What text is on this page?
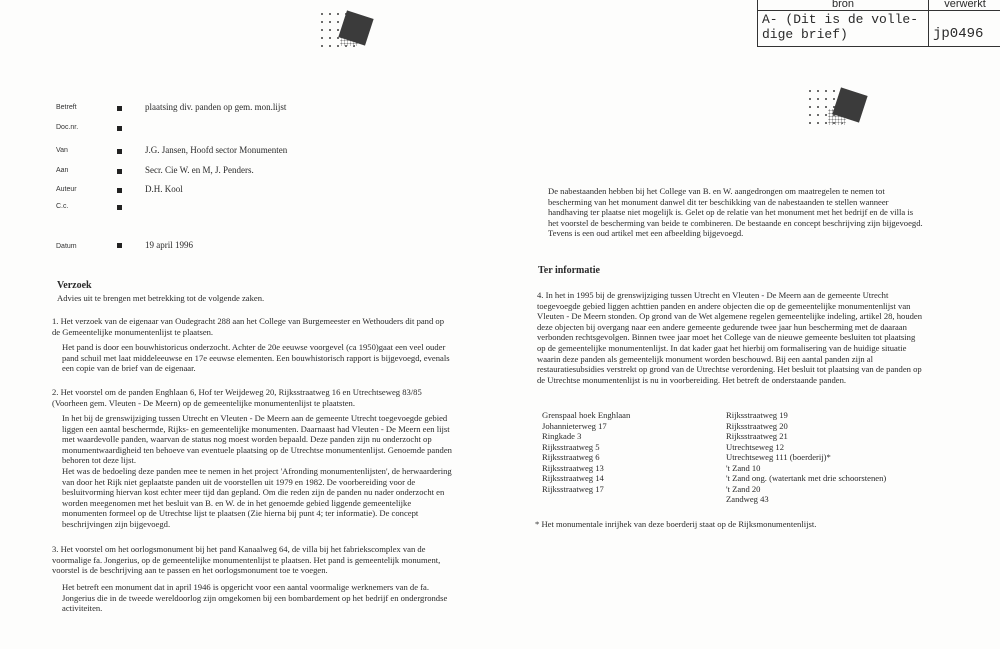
bron	verwerkt
A- (Dit is de volle-
dige brief)	jp0496
Betreft	plaatsing div. panden op gem. mon.lijst
Doc.nr.
Van	J.G. Jansen, Hoofd sector Monumenten
Aan	Secr. Cie W. en M, J. Penders.
Auteur	D.H. Kool
C.c.
Datum	19 april 1996
Verzoek
Advies uit te brengen met betrekking tot de volgende zaken.
1. Het verzoek van de eigenaar van Oudegracht 288 aan het College van Burgemeester en Wethouders dit pand op de Gemeentelijke monumentenlijst te plaatsen.
Het pand is door een bouwhistoricus onderzocht. Achter de 20e eeuwse voorgevel (ca 1950)gaat een veel ouder pand schuil met laat middeleeuwse en 17e eeuwse elementen. Een bouwhistorisch rapport is bijgevoegd, evenals een copie van de brief van de eigenaar.
2. Het voorstel om de panden Enghlaan 6, Hof ter Weijdeweg 20, Rijksstraatweg 16 en Utrechtseweg 83/85 (Voorheen gem. Vleuten - De Meern) op de gemeentelijke monumentenlijst te plaatsten.
In het bij de grenswijziging tussen Utrecht en Vleuten - De Meern aan de gemeente Utrecht toegevoegde gebied liggen een aantal beschermde, Rijks- en gemeentelijke monumenten. Daarnaast had Vleuten - De Meern een lijst met waardevolle panden, waarvan de status nog moest worden bepaald. Deze panden zijn nu onderzocht op monumentwaardigheid ten behoeve van eventuele plaatsing op de Utrechtse monumentenlijst. Genoemde panden behoren tot deze lijst.
Het was de bedoeling deze panden mee te nemen in het project 'Afronding monumentenlijsten', de herwaardering van door het Rijk niet geplaatste panden uit de voorstellen uit 1979 en 1982. De voorbereiding voor de besluitvorming hiervan kost echter meer tijd dan gepland. Om die reden zijn de panden nu nader onderzocht en worden meegenomen met het besluit van B. en W. de in het genoemde gebied liggende gemeentelijke monumenten formeel op de Utrechtse lijst te plaatsen (Zie hierna bij punt 4; ter informatie). De concept beschrijvingen zijn bijgevoegd.
3. Het voorstel om het oorlogsmonument bij het pand Kanaalweg 64, de villa bij het fabriekscomplex van de voormalige fa. Jongerius, op de gemeentelijke monumentenlijst te plaatsen. Het pand is gemeentelijk monument, voorstel is de beschrijving aan te passen en het oorlogsmonument toe te voegen.
Het betreft een monument dat in april 1946 is opgericht voor een aantal voormalige werknemers van de fa. Jongerius die in de tweede wereldoorlog zijn omgekomen bij een bombardement op het bedrijf en ondergrondse activiteiten.
De nabestaanden hebben bij het College van B. en W. aangedrongen om maatregelen te nemen tot bescherming van het monument danwel dit ter beschikking van de nabestaanden te stellen wanneer handhaving ter plaatse niet mogelijk is. Gelet op de relatie van het monument met het bedrijf en de villa is het voorstel de bescherming van beide te combineren. De bestaande en concept beschrijving zijn bijgevoegd. Tevens is een oud artikel met een afbeelding bijgevoegd.
Ter informatie
4. In het in 1995 bij de grenswijziging tussen Utrecht en Vleuten - De Meern aan de gemeente Utrecht toegevoegde gebied liggen achttien panden en andere objecten die op de gemeentelijke monumentenlijst van Vleuten - De Meern stonden. Op grond van de Wet algemene regelen gemeentelijke indeling, artikel 28, houden deze objecten bij overgang naar een andere gemeente gedurende twee jaar hun bescherming met de daaraan verbonden rechtsgevolgen. Binnen twee jaar moet het College van de nieuwe gemeente besluiten tot plaatsing op de gemeentelijke monumentenlijst. In dat kader gaat het hierbij om formalisering van de huidige situatie waarin deze panden als gemeentelijk monument worden beschouwd. Bij een aantal panden zijn al restauratiesubsidies verstrekt op grond van de Utrechtse verordening. Het besluit tot plaatsing van de panden op de Utrechtse monumentenlijst is nu in voorbereiding. Het betreft de onderstaande panden.
Grenspaal hoek Enghlaan
Johannieterweg 17
Ringkade 3
Rijksstraatweg 5
Rijksstraatweg 6
Rijksstraatweg 13
Rijksstraatweg 14
Rijksstraatweg 17
Rijksstraatweg 19
Rijksstraatweg 20
Rijksstraatweg 21
Utrechtseweg 12
Utrechtseweg 111 (boerderij)*
't Zand 10
't Zand ong. (watertank met drie schoorstenen)
't Zand 20
Zandweg 43
* Het monumentale inrijhek van deze boerderij staat op de Rijksmonumentenlijst.
